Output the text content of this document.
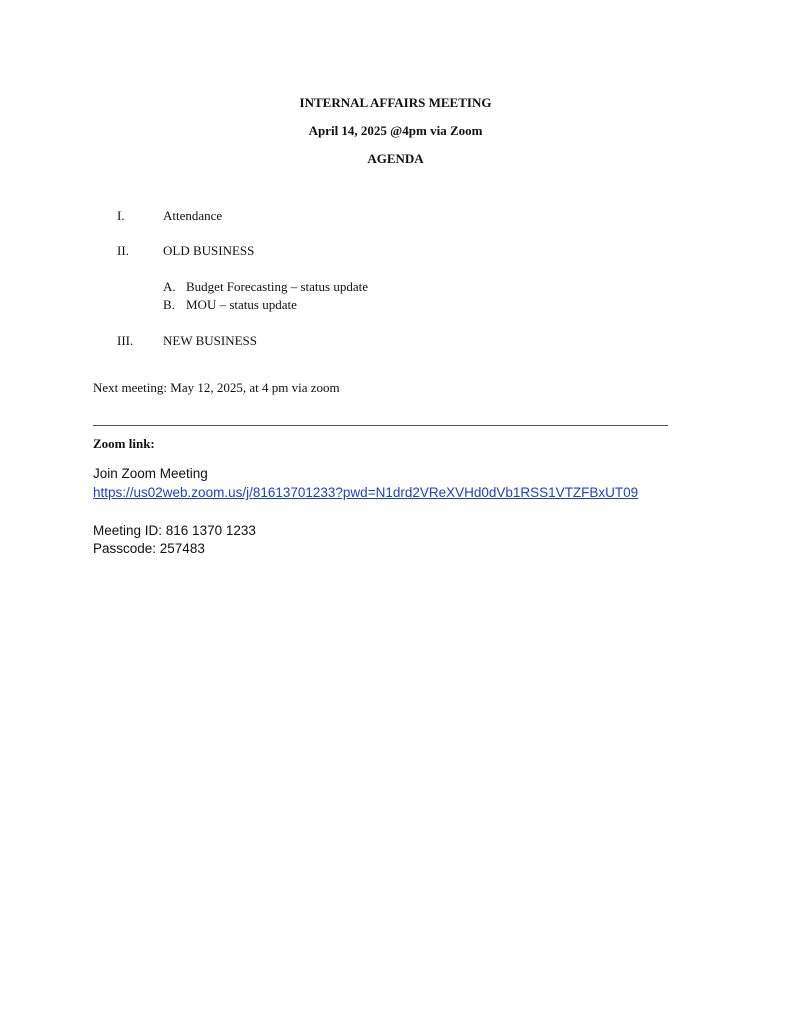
INTERNAL AFFAIRS MEETING
April 14, 2025 @4pm via Zoom
AGENDA
I.	Attendance
II.	OLD BUSINESS
A. Budget Forecasting – status update
B. MOU – status update
III. NEW BUSINESS
Next meeting: May 12, 2025, at 4 pm via zoom
Zoom link:
Join Zoom Meeting
https://us02web.zoom.us/j/81613701233?pwd=N1drd2VReXVHd0dVb1RSS1VTZFBxUT09
Meeting ID: 816 1370 1233
Passcode: 257483
